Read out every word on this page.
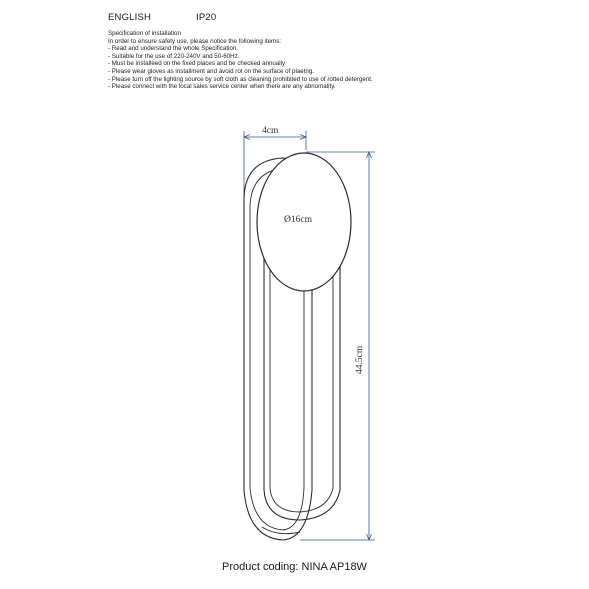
ENGLISH	IP20
Specification of installation
In order to ensure safety use, please notice the following items:
- Read and understand the whole Specification.
- Suitable for the use of 220-240V and 50-60Hz.
- Must be installeed on the fixed places and be checked annually
- Please wear gloves as installment and avoid rot on the surface of plaetng.
- Please turn off the lighting source by soft cloth as cleaning prohibited to use of rotted detergent.
- Please connect with the local sales service center when there are any abnomality.
4cm
44.5cm
Ø16cm
Product coding: NINA AP18W
